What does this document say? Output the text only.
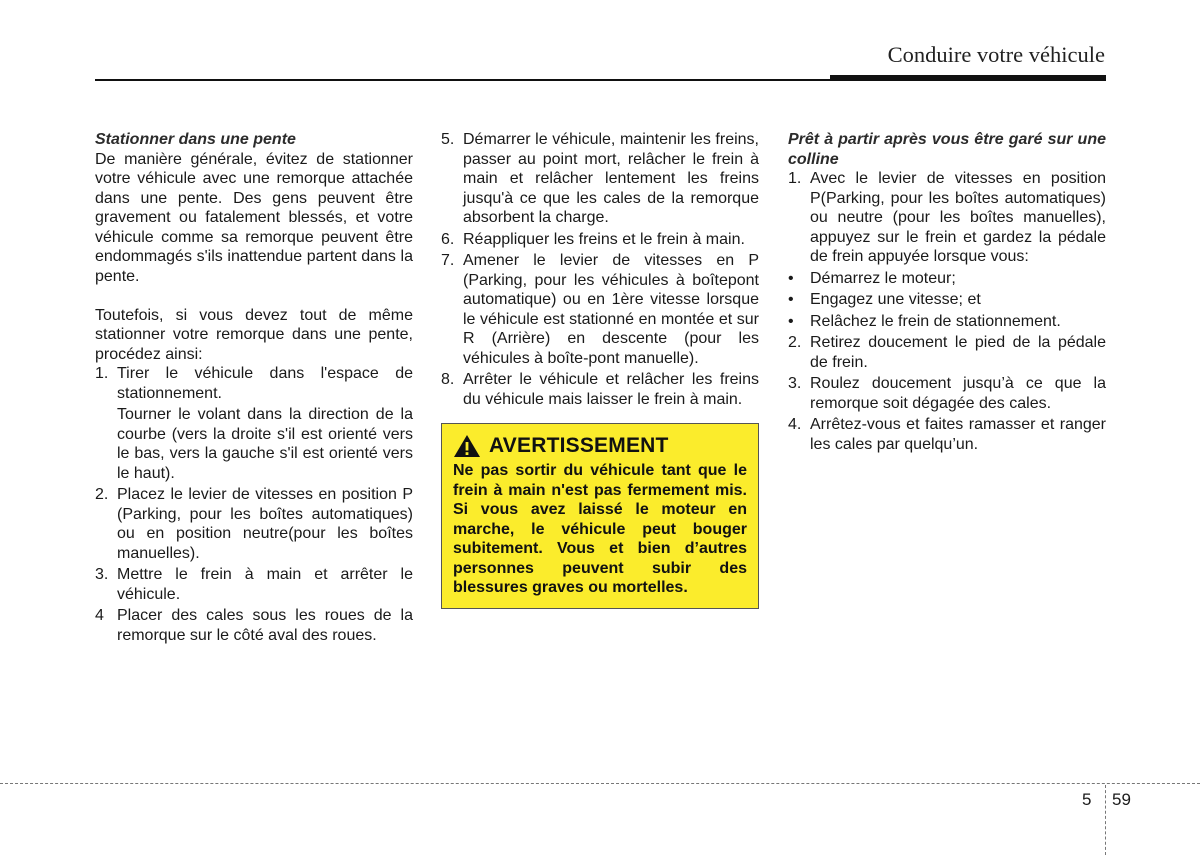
Conduire votre véhicule

Stationner dans une pente

De manière générale, évitez de stationner votre véhicule avec une remorque attachée dans une pente. Des gens peuvent être gravement ou fatalement blessés, et votre véhicule comme sa remorque peuvent être endommagés s'ils inattendue partent dans la pente.

Toutefois, si vous devez tout de même stationner votre remorque dans une pente, procédez ainsi:

1. Tirer le véhicule dans l'espace de stationnement.
Tourner le volant dans la direction de la courbe (vers la droite s'il est orienté vers le bas, vers la gauche s'il est orienté vers le haut).
2. Placez le levier de vitesses en position P (Parking, pour les boîtes automatiques) ou en position neutre(pour les boîtes manuelles).
3. Mettre le frein à main et arrêter le véhicule.
4 Placer des cales sous les roues de la remorque sur le côté aval des roues.
5. Démarrer le véhicule, maintenir les freins, passer au point mort, relâcher le frein à main et relâcher lentement les freins jusqu'à ce que les cales de la remorque absorbent la charge.
6. Réappliquer les freins et le frein à main.
7. Amener le levier de vitesses en P (Parking, pour les véhicules à boîtepont automatique) ou en 1ère vitesse lorsque le véhicule est stationné en montée et sur R (Arrière) en descente (pour les véhicules à boîte-pont manuelle).
8. Arrêter le véhicule et relâcher les freins du véhicule mais laisser le frein à main.
AVERTISSEMENT
Ne pas sortir du véhicule tant que le frein à main n'est pas fermement mis. Si vous avez laissé le moteur en marche, le véhicule peut bouger subitement. Vous et bien d’autres personnes peuvent subir des blessures graves ou mortelles.

Prêt à partir après vous être garé sur une colline

1. Avec le levier de vitesses en position P(Parking, pour les boîtes automatiques) ou neutre (pour les boîtes manuelles), appuyez sur le frein et gardez la pédale de frein appuyée lorsque vous:
• Démarrez le moteur;
• Engagez une vitesse; et
• Relâchez le frein de stationnement.
2. Retirez doucement le pied de la pédale de frein.
3. Roulez doucement jusqu’à ce que la remorque soit dégagée des cales.
4. Arrêtez-vous et faites ramasser et ranger les cales par quelqu’un.
5 59
